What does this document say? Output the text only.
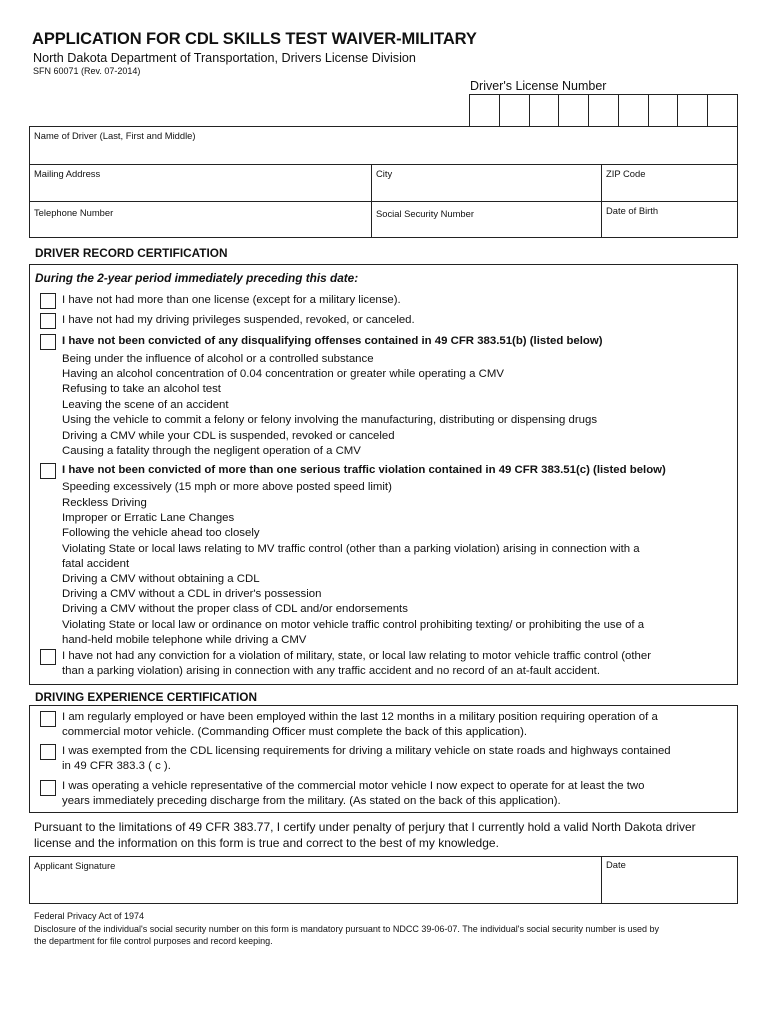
APPLICATION FOR CDL SKILLS TEST WAIVER-MILITARY
North Dakota Department of Transportation, Drivers License Division
SFN 60071 (Rev. 07-2014)
Driver's License Number
Name of Driver (Last, First and Middle)
Mailing Address	City	ZIP Code
Telephone Number	Social Security Number	Date of Birth
DRIVER RECORD CERTIFICATION
During the 2-year period immediately preceding this date:
I have not had more than one license (except for a military license).
I have not had my driving privileges suspended, revoked, or canceled.
I have not been convicted of any disqualifying offenses contained in 49 CFR 383.51(b) (listed below)
Being under the influence of alcohol or a controlled substance
Having an alcohol concentration of 0.04 concentration or greater while operating a CMV
Refusing to take an alcohol test
Leaving the scene of an accident
Using the vehicle to commit a felony or felony involving the manufacturing, distributing or dispensing drugs
Driving a CMV while your CDL is suspended, revoked or canceled
Causing a fatality through the negligent operation of a CMV
I have not been convicted of more than one serious traffic violation contained in 49 CFR 383.51(c) (listed below)
Speeding excessively (15 mph or more above posted speed limit)
Reckless Driving
Improper or Erratic Lane Changes
Following the vehicle ahead too closely
Violating State or local laws relating to MV traffic control (other than a parking violation) arising in connection with a
fatal accident
Driving a CMV without obtaining a CDL
Driving a CMV without a CDL in driver's possession
Driving a CMV without the proper class of CDL and/or endorsements
Violating State or local law or ordinance on motor vehicle traffic control prohibiting texting/ or prohibiting the use of a
hand-held mobile telephone while driving a CMV
I have not had any conviction for a violation of military, state, or local law relating to motor vehicle traffic control (other
than a parking violation) arising in connection with any traffic accident and no record of an at-fault accident.
DRIVING EXPERIENCE CERTIFICATION
I am regularly employed or have been employed within the last 12 months in a military position requiring operation of a
commercial motor vehicle. (Commanding Officer must complete the back of this application).
I was exempted from the CDL licensing requirements for driving a military vehicle on state roads and highways contained
in 49 CFR 383.3 ( c ).
I was operating a vehicle representative of the commercial motor vehicle I now expect to operate for at least the two
years immediately preceding discharge from the military. (As stated on the back of this application).
Pursuant to the limitations of 49 CFR 383.77, I certify under penalty of perjury that I currently hold a valid North Dakota driver
license and the information on this form is true and correct to the best of my knowledge.
Applicant Signature	Date
Federal Privacy Act of 1974
Disclosure of the individual's social security number on this form is mandatory pursuant to NDCC 39-06-07. The individual's social security number is used by
the department for file control purposes and record keeping.
